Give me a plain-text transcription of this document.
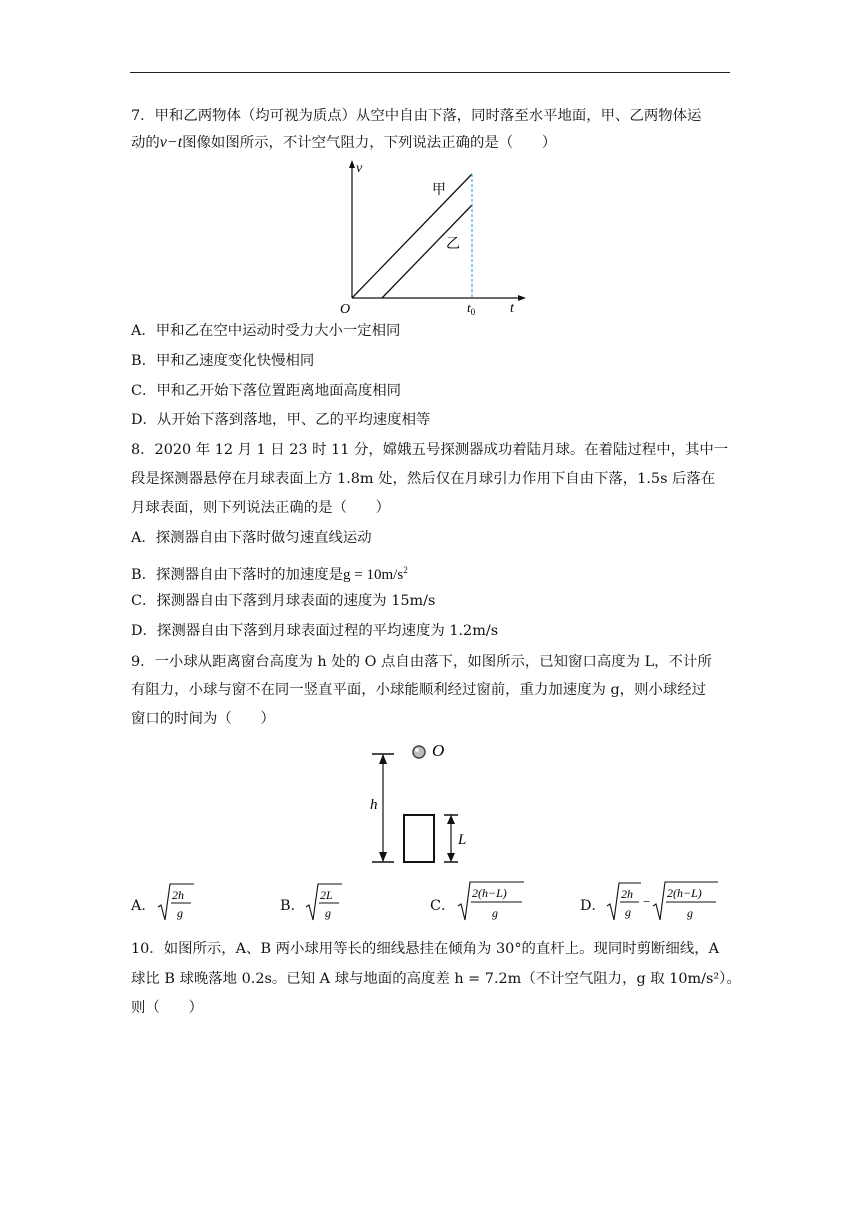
7．甲和乙两物体（均可视为质点）从空中自由下落，同时落至水平地面，甲、乙两物体运
动的v−t图像如图所示，不计空气阻力，下列说法正确的是（　　）
v
t
O	$t_0$
甲
乙
A．甲和乙在空中运动时受力大小一定相同
B．甲和乙速度变化快慢相同
C．甲和乙开始下落位置距离地面高度相同
D．从开始下落到落地，甲、乙的平均速度相等
8．2020 年 12 月 1 日 23 时 11 分，嫦娥五号探测器成功着陆月球。在着陆过程中，其中一
段是探测器悬停在月球表面上方 1.8m 处，然后仅在月球引力作用下自由下落，1.5s 后落在
月球表面，则下列说法正确的是（　　）
A．探测器自由下落时做匀速直线运动
B．探测器自由下落时的加速度是$g = 10m/s^2$
C．探测器自由下落到月球表面的速度为 15m/s
D．探测器自由下落到月球表面过程的平均速度为 1.2m/s
9．一小球从距离窗台高度为 h 处的 O 点自由落下，如图所示，已知窗口高度为 L，不计所
有阻力，小球与窗不在同一竖直平面，小球能顺利经过窗前，重力加速度为 g，则小球经过
窗口的时间为（　　）
h
O
L
A．
2h
g	B．
2L
g	C．
2(h−L)
g	D．
2h
g
−
2(h−L)
g
10．如图所示，A、B 两小球用等长的细线悬挂在倾角为 30°的直杆上。现同时剪断细线，A
球比 B 球晚落地 0.2s。已知 A 球与地面的高度差 h = 7.2m（不计空气阻力，g 取 10m/s²）。
则（　　）
